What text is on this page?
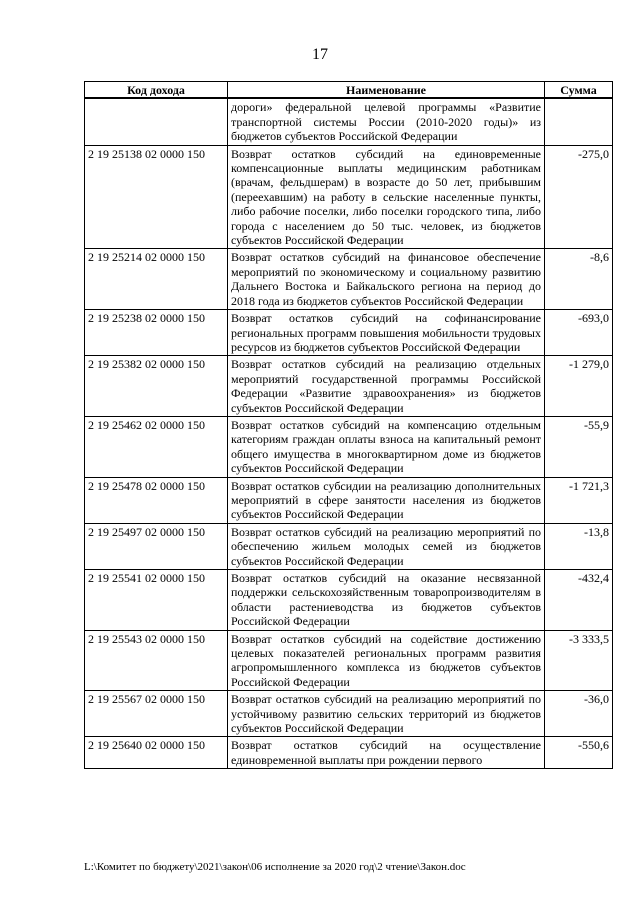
17
Код дохода	Наименование	Сумма
	дороги» федеральной целевой программы «Развитие транспортной системы России (2010-2020 годы)» из бюджетов субъектов Российской Федерации	
2 19 25138 02 0000 150	Возврат остатков субсидий на единовременные компенсационные выплаты медицинским работникам (врачам, фельдшерам) в возрасте до 50 лет, прибывшим (переехавшим) на работу в сельские населенные пункты, либо рабочие поселки, либо поселки городского типа, либо города с населением до 50 тыс. человек, из бюджетов субъектов Российской Федерации	-275,0
2 19 25214 02 0000 150	Возврат остатков субсидий на финансовое обеспечение мероприятий по экономическому и социальному развитию Дальнего Востока и Байкальского региона на период до 2018 года из бюджетов субъектов Российской Федерации	-8,6
2 19 25238 02 0000 150	Возврат остатков субсидий на софинансирование региональных программ повышения мобильности трудовых ресурсов из бюджетов субъектов Российской Федерации	-693,0
2 19 25382 02 0000 150	Возврат остатков субсидий на реализацию отдельных мероприятий государственной программы Российской Федерации «Развитие здравоохранения» из бюджетов субъектов Российской Федерации	-1 279,0
2 19 25462 02 0000 150	Возврат остатков субсидий на компенсацию отдельным категориям граждан оплаты взноса на капитальный ремонт общего имущества в многоквартирном доме из бюджетов субъектов Российской Федерации	-55,9
2 19 25478 02 0000 150	Возврат остатков субсидии на реализацию дополнительных мероприятий в сфере занятости населения из бюджетов субъектов Российской Федерации	-1 721,3
2 19 25497 02 0000 150	Возврат остатков субсидий на реализацию мероприятий по обеспечению жильем молодых семей из бюджетов субъектов Российской Федерации	-13,8
2 19 25541 02 0000 150	Возврат остатков субсидий на оказание несвязанной поддержки сельскохозяйственным товаропроизводителям в области растениеводства из бюджетов субъектов Российской Федерации	-432,4
2 19 25543 02 0000 150	Возврат остатков субсидий на содействие достижению целевых показателей региональных программ развития агропромышленного комплекса из бюджетов субъектов Российской Федерации	-3 333,5
2 19 25567 02 0000 150	Возврат остатков субсидий на реализацию мероприятий по устойчивому развитию сельских территорий из бюджетов субъектов Российской Федерации	-36,0
2 19 25640 02 0000 150	Возврат остатков субсидий на осуществление единовременной выплаты при рождении первого	-550,6
L:\Комитет по бюджету\2021\закон\06 исполнение за 2020 год\2 чтение\Закон.doc
